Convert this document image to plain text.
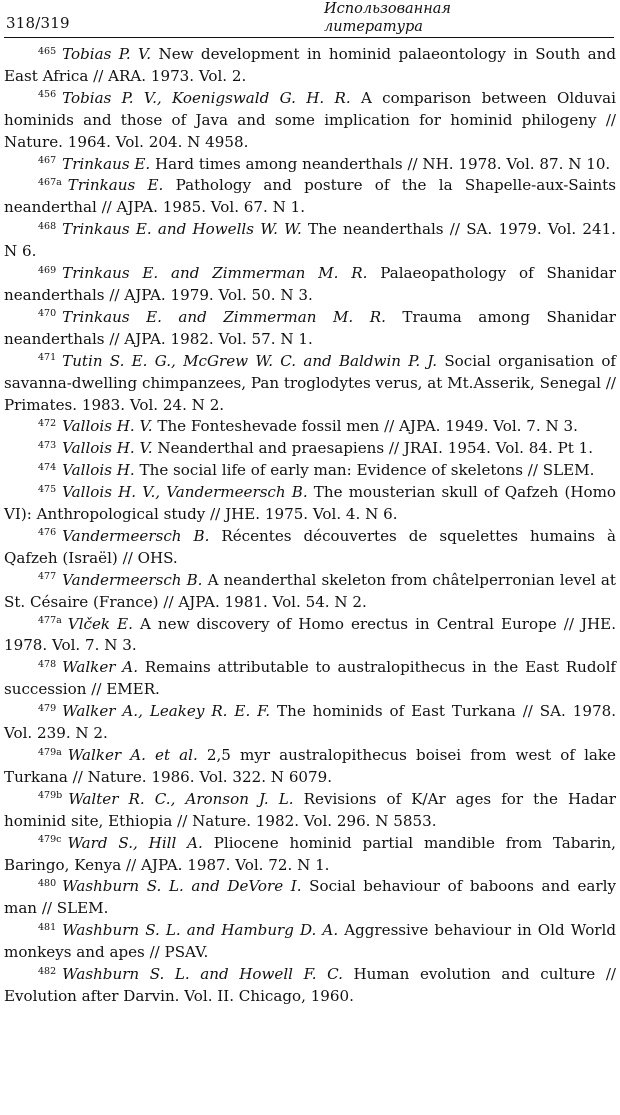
318/319
Использованная
литература

$^{465}$ Tobias P. V. New development in hominid palaeontology in South and East Africa // ARA. 1973. Vol. 2.

$^{456}$ Tobias P. V., Koenigswald G. H. R. A comparison between Olduvai hominids and those of Java and some implication for hominid philogeny // Nature. 1964. Vol. 204. N 4958.

$^{467}$ Trinkaus E. Hard times among neanderthals // NH. 1978. Vol. 87. N 10.

$^{467a}$ Trinkaus E. Pathology and posture of the la Shapelle-aux-Saints neanderthal // AJPA. 1985. Vol. 67. N 1.

$^{468}$ Trinkaus E. and Howells W. W. The neanderthals // SA. 1979. Vol. 241. N 6.

$^{469}$ Trinkaus E. and Zimmerman M. R. Palaeopathology of Shanidar neanderthals // AJPA. 1979. Vol. 50. N 3.

$^{470}$ Trinkaus E. and Zimmerman M. R. Trauma among Shanidar neanderthals // AJPA. 1982. Vol. 57. N 1.

$^{471}$ Tutin S. E. G., McGrew W. C. and Baldwin P. J. Social organisation of savanna-dwelling chimpanzees, Pan troglodytes verus, at Mt.Asserik, Senegal // Primates. 1983. Vol. 24. N 2.

$^{472}$ Vallois H. V. The Fonteshevade fossil men // AJPA. 1949. Vol. 7. N 3.

$^{473}$ Vallois H. V. Neanderthal and praesapiens // JRAI. 1954. Vol. 84. Pt 1.

$^{474}$ Vallois H. The social life of early man: Evidence of skeletons // SLEM.

$^{475}$ Vallois H. V., Vandermeersch B. The mousterian skull of Qafzeh (Homo VI): Anthropological study // JHE. 1975. Vol. 4. N 6.

$^{476}$ Vandermeersch B. Récentes découvertes de squelettes humains à Qafzeh (Israël) // OHS.

$^{477}$ Vandermeersch B. A neanderthal skeleton from châtelperronian level at St. Césaire (France) // AJPA. 1981. Vol. 54. N 2.

$^{477a}$ Vlček E. A new discovery of Homo erectus in Central Europe // JHE. 1978. Vol. 7. N 3.

$^{478}$ Walker A. Remains attributable to australopithecus in the East Rudolf succession // EMER.

$^{479}$ Walker A., Leakey R. E. F. The hominids of East Turkana // SA. 1978. Vol. 239. N 2.

$^{479a}$ Walker A. et al. 2,5 myr australopithecus boisei from west of lake Turkana // Nature. 1986. Vol. 322. N 6079.

$^{479b}$ Walter R. C., Aronson J. L. Revisions of K/Ar ages for the Hadar hominid site, Ethiopia // Nature. 1982. Vol. 296. N 5853.

$^{479c}$ Ward S., Hill A. Pliocene hominid partial mandible from Tabarin, Baringo, Kenya // AJPA. 1987. Vol. 72. N 1.

$^{480}$ Washburn S. L. and DeVore I. Social behaviour of baboons and early man // SLEM.

$^{481}$ Washburn S. L. and Hamburg D. A. Aggressive behaviour in Old World monkeys and apes // PSAV.

$^{482}$ Washburn S. L. and Howell F. C. Human evolution and culture // Evolution after Darvin. Vol. II. Chicago, 1960.
